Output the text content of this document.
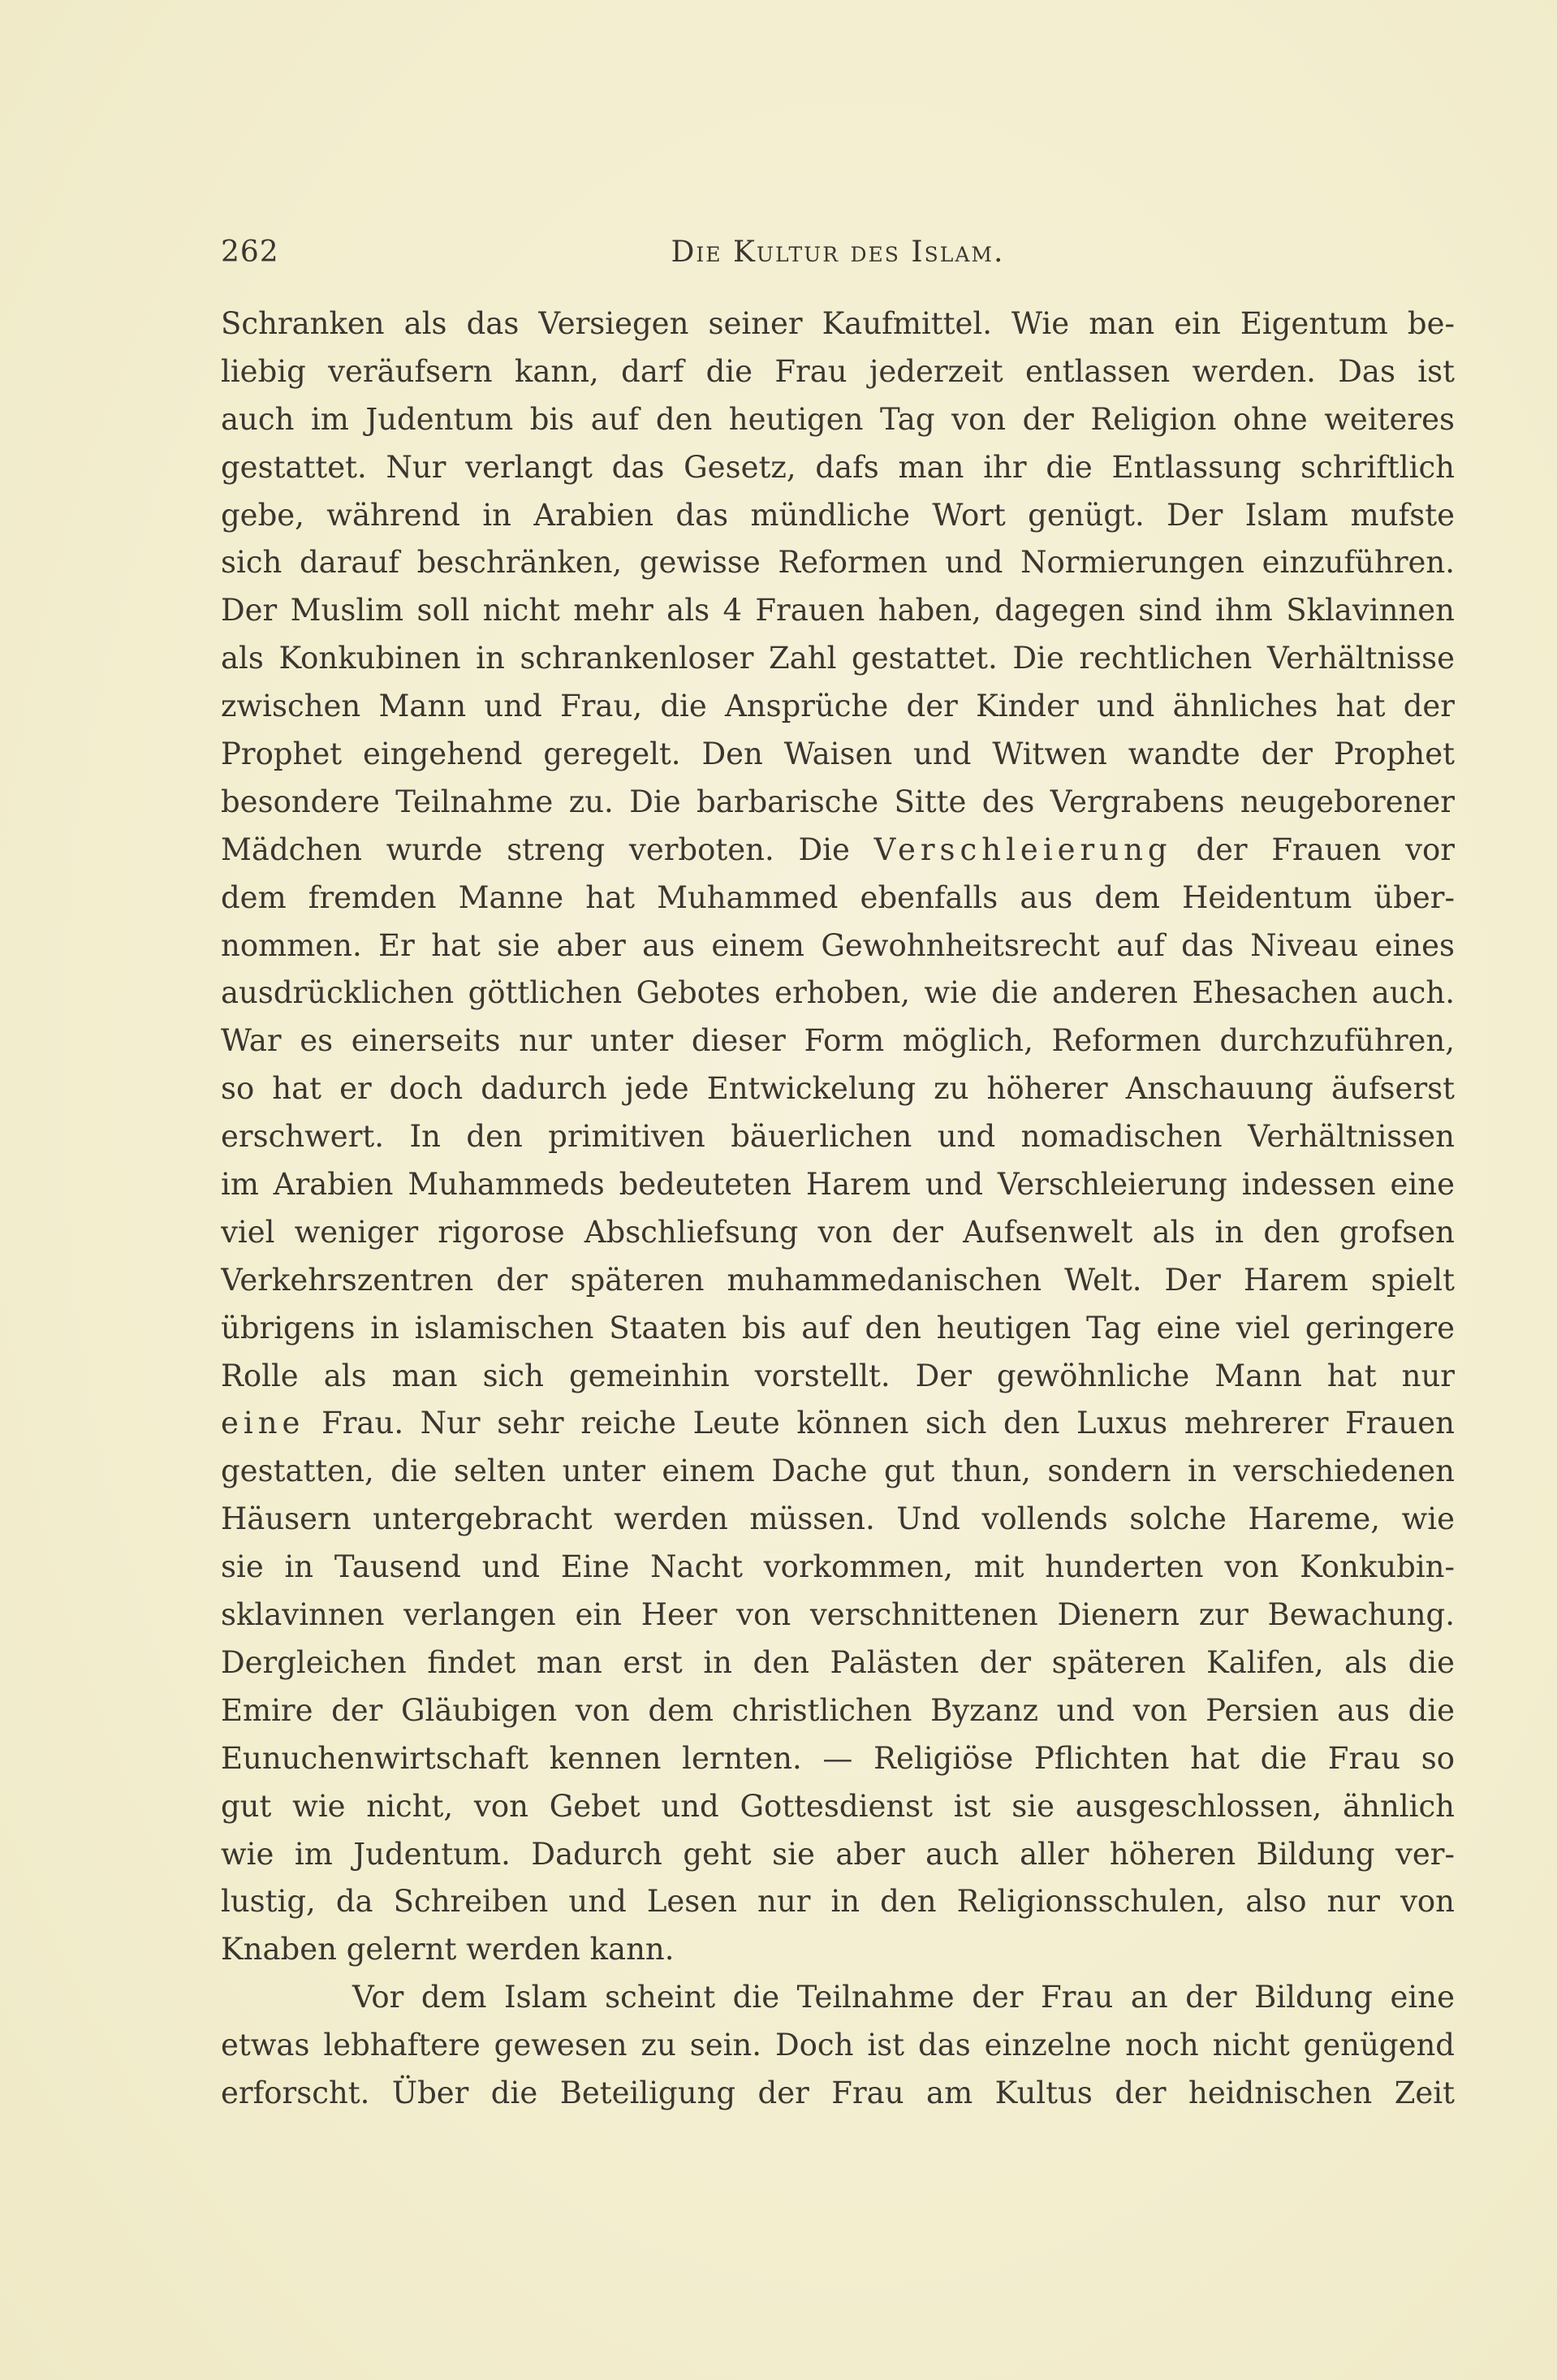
262	Die Kultur des Islam.
Schranken als das Versiegen seiner Kaufmittel. Wie man ein Eigentum be-
liebig veräufsern kann, darf die Frau jederzeit entlassen werden. Das ist
auch im Judentum bis auf den heutigen Tag von der Religion ohne weiteres
gestattet. Nur verlangt das Gesetz, dafs man ihr die Entlassung schriftlich
gebe, während in Arabien das mündliche Wort genügt. Der Islam mufste
sich darauf beschränken, gewisse Reformen und Normierungen einzuführen.
Der Muslim soll nicht mehr als 4 Frauen haben, dagegen sind ihm Sklavinnen
als Konkubinen in schrankenloser Zahl gestattet. Die rechtlichen Verhältnisse
zwischen Mann und Frau, die Ansprüche der Kinder und ähnliches hat der
Prophet eingehend geregelt. Den Waisen und Witwen wandte der Prophet
besondere Teilnahme zu. Die barbarische Sitte des Vergrabens neugeborener
Mädchen wurde streng verboten. Die Verschleierung der Frauen vor
dem fremden Manne hat Muhammed ebenfalls aus dem Heidentum über-
nommen. Er hat sie aber aus einem Gewohnheitsrecht auf das Niveau eines
ausdrücklichen göttlichen Gebotes erhoben, wie die anderen Ehesachen auch.
War es einerseits nur unter dieser Form möglich, Reformen durchzuführen,
so hat er doch dadurch jede Entwickelung zu höherer Anschauung äufserst
erschwert. In den primitiven bäuerlichen und nomadischen Verhältnissen
im Arabien Muhammeds bedeuteten Harem und Verschleierung indessen eine
viel weniger rigorose Abschliefsung von der Aufsenwelt als in den grofsen
Verkehrszentren der späteren muhammedanischen Welt. Der Harem spielt
übrigens in islamischen Staaten bis auf den heutigen Tag eine viel geringere
Rolle als man sich gemeinhin vorstellt. Der gewöhnliche Mann hat nur
eine Frau. Nur sehr reiche Leute können sich den Luxus mehrerer Frauen
gestatten, die selten unter einem Dache gut thun, sondern in verschiedenen
Häusern untergebracht werden müssen. Und vollends solche Hareme, wie
sie in Tausend und Eine Nacht vorkommen, mit hunderten von Konkubin-
sklavinnen verlangen ein Heer von verschnittenen Dienern zur Bewachung.
Dergleichen findet man erst in den Palästen der späteren Kalifen, als die
Emire der Gläubigen von dem christlichen Byzanz und von Persien aus die
Eunuchenwirtschaft kennen lernten. — Religiöse Pflichten hat die Frau so
gut wie nicht, von Gebet und Gottesdienst ist sie ausgeschlossen, ähnlich
wie im Judentum. Dadurch geht sie aber auch aller höheren Bildung ver-
lustig, da Schreiben und Lesen nur in den Religionsschulen, also nur von
Knaben gelernt werden kann.
Vor dem Islam scheint die Teilnahme der Frau an der Bildung eine
etwas lebhaftere gewesen zu sein. Doch ist das einzelne noch nicht genügend
erforscht. Über die Beteiligung der Frau am Kultus der heidnischen Zeit
